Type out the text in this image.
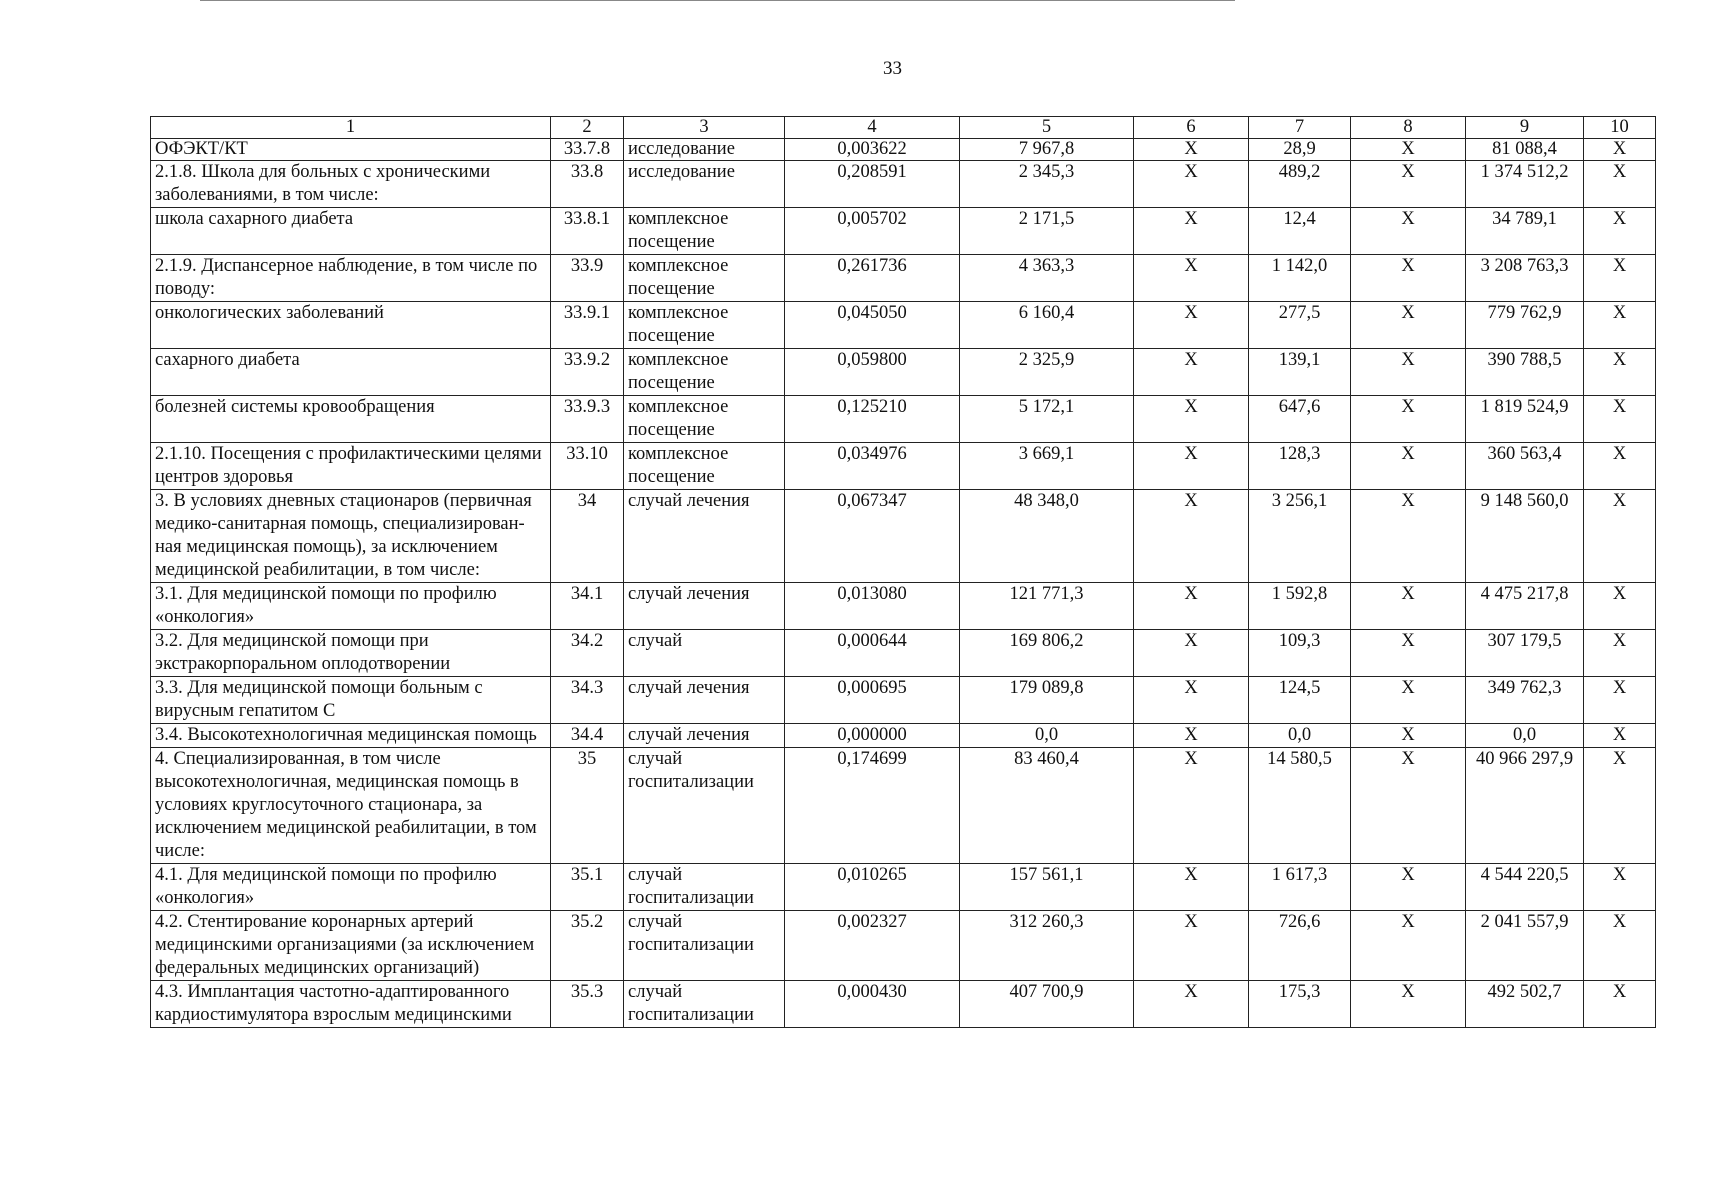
33
1	2	3	4	5	6	7	8	9	10
ОФЭКТ/КТ	33.7.8	исследование	0,003622	7 967,8	Х	28,9	Х	81 088,4	Х
2.1.8. Школа для больных с хроническими заболеваниями, в том числе:	33.8	исследование	0,208591	2 345,3	Х	489,2	Х	1 374 512,2	Х
школа сахарного диабета	33.8.1	комплексное посещение	0,005702	2 171,5	Х	12,4	Х	34 789,1	Х
2.1.9. Диспансерное наблюдение, в том числе по поводу:	33.9	комплексное посещение	0,261736	4 363,3	Х	1 142,0	Х	3 208 763,3	Х
онкологических заболеваний	33.9.1	комплексное посещение	0,045050	6 160,4	Х	277,5	Х	779 762,9	Х
сахарного диабета	33.9.2	комплексное посещение	0,059800	2 325,9	Х	139,1	Х	390 788,5	Х
болезней системы кровообращения	33.9.3	комплексное посещение	0,125210	5 172,1	Х	647,6	Х	1 819 524,9	Х
2.1.10. Посещения с профилактическими целями центров здоровья	33.10	комплексное посещение	0,034976	3 669,1	Х	128,3	Х	360 563,4	Х
3. В условиях дневных стационаров (первичная медико-санитарная помощь, специализирован-ная медицинская помощь), за исключением медицинской реабилитации, в том числе:	34	случай лечения	0,067347	48 348,0	Х	3 256,1	Х	9 148 560,0	Х
3.1. Для медицинской помощи по профилю «онкология»	34.1	случай лечения	0,013080	121 771,3	Х	1 592,8	Х	4 475 217,8	Х
3.2. Для медицинской помощи при экстракорпоральном оплодотворении	34.2	случай	0,000644	169 806,2	Х	109,3	Х	307 179,5	Х
3.3. Для медицинской помощи больным с вирусным гепатитом С	34.3	случай лечения	0,000695	179 089,8	Х	124,5	Х	349 762,3	Х
3.4. Высокотехнологичная медицинская помощь	34.4	случай лечения	0,000000	0,0	Х	0,0	Х	0,0	Х
4. Специализированная, в том числе высокотехнологичная, медицинская помощь в условиях круглосуточного стационара, за исключением медицинской реабилитации, в том числе:	35	случай госпитализации	0,174699	83 460,4	Х	14 580,5	Х	40 966 297,9	Х
4.1. Для медицинской помощи по профилю «онкология»	35.1	случай госпитализации	0,010265	157 561,1	Х	1 617,3	Х	4 544 220,5	Х
4.2. Стентирование коронарных артерий медицинскими организациями (за исключением федеральных медицинских организаций)	35.2	случай госпитализации	0,002327	312 260,3	Х	726,6	Х	2 041 557,9	Х
4.3. Имплантация частотно-адаптированного кардиостимулятора взрослым медицинскими	35.3	случай госпитализации	0,000430	407 700,9	Х	175,3	Х	492 502,7	Х
